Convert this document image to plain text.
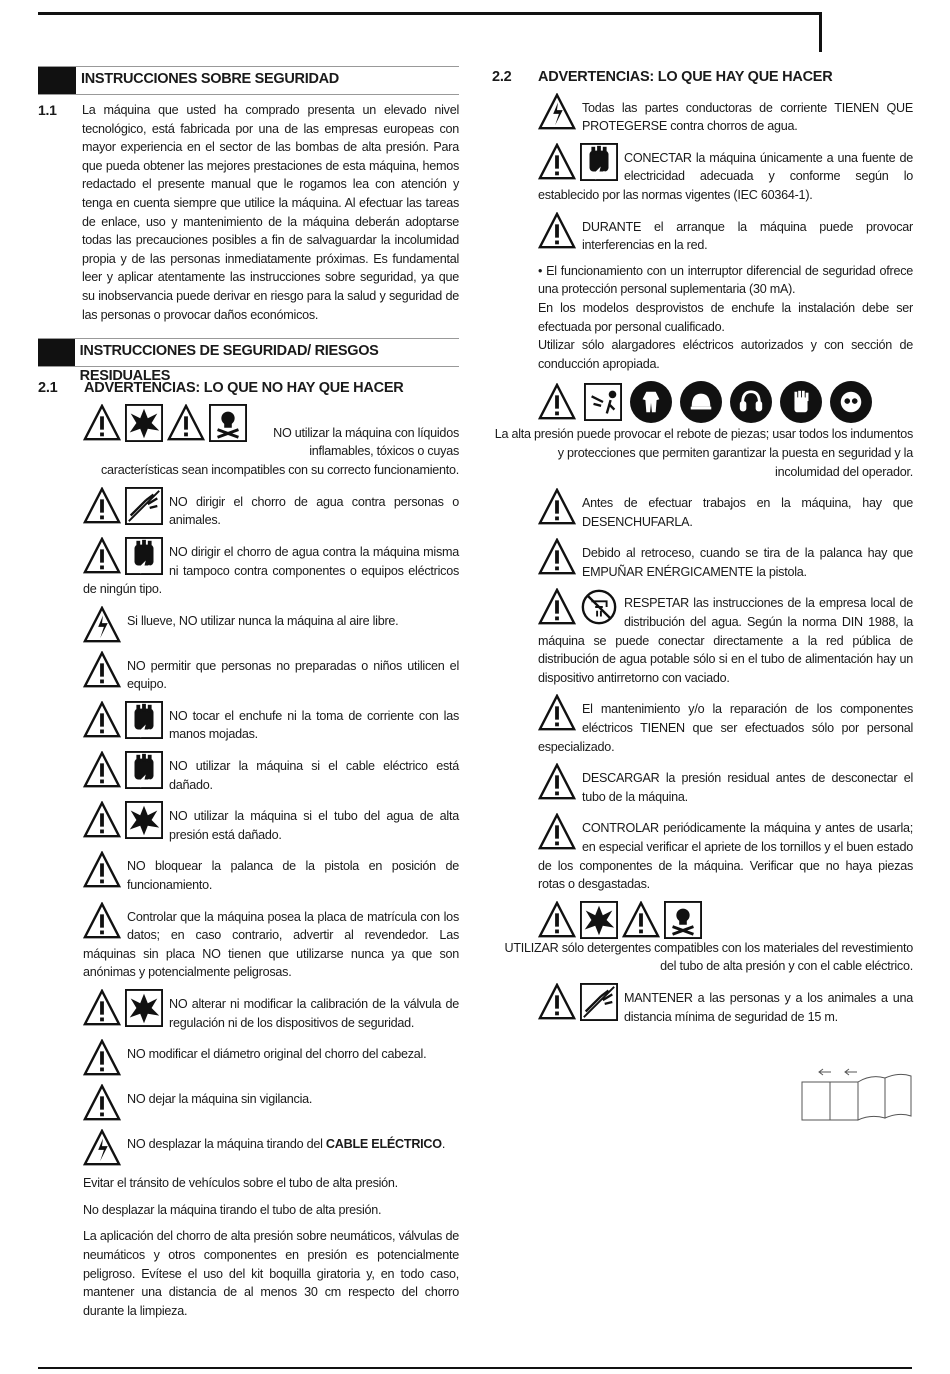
INSTRUCCIONES SOBRE SEGURIDAD
1.1	La máquina que usted ha comprado presenta un elevado nivel tecnológico, está fabricada por una de las empresas europeas con mayor experiencia en el sector de las bombas de alta presión. Para que pueda obtener las mejores prestaciones de esta máquina, hemos redactado el presente manual que le rogamos lea con atención y tenga en cuenta siempre que utilice la máquina. Al efectuar las tareas de enlace, uso y mantenimiento de la máquina deberán adoptarse todas las precauciones posibles a fin de salvaguardar la incolumidad propia y de las personas inmediatamente próximas. Es fundamental leer y aplicar atentamente las instrucciones sobre seguridad, ya que su inobservancia puede derivar en riesgo para la salud y seguridad de las personas o provocar daños económicos.
INSTRUCCIONES DE SEGURIDAD/ RIESGOS RESIDUALES
2.1	ADVERTENCIAS: LO QUE NO HAY QUE HACER
NO utilizar la máquina con líquidos inflamables, tóxicos o cuyas características sean incompatibles con su correcto funcionamiento.
NO dirigir el chorro de agua contra personas o animales.
NO dirigir el chorro de agua contra la máquina misma ni tampoco contra componentes o equipos eléctricos de ningún tipo.
Si llueve, NO utilizar nunca la máquina al aire libre.
NO permitir que personas no preparadas o niños utilicen el equipo.
NO tocar el enchufe ni la toma de corriente con las manos mojadas.
NO utilizar la máquina si el cable eléctrico está dañado.
NO utilizar la máquina si el tubo del agua de alta presión está dañado.
NO bloquear la palanca de la pistola en posición de funcionamiento.
Controlar que la máquina posea la placa de matrícula con los datos; en caso contrario, advertir al revendedor. Las máquinas sin placa NO tienen que utilizarse nunca ya que son anónimas y potencialmente peligrosas.
NO alterar ni modificar la calibración de la válvula de regulación ni de los dispositivos de seguridad.
NO modificar el diámetro original del chorro del cabezal.
NO dejar la máquina sin vigilancia.
NO desplazar la máquina tirando del CABLE ELÉCTRICO.
Evitar el tránsito de vehículos sobre el tubo de alta presión.
No desplazar la máquina tirando el tubo de alta presión.
La aplicación del chorro de alta presión sobre neumáticos, válvulas de neumáticos y otros componentes en presión es potencialmente peligroso. Evítese el uso del kit boquilla giratoria y, en todo caso, mantener una distancia de al menos 30 cm respecto del chorro durante la limpieza.
2.2	ADVERTENCIAS: LO QUE HAY QUE HACER
Todas las partes conductoras de corriente TIENEN QUE PROTEGERSE contra chorros de agua.
CONECTAR la máquina únicamente a una fuente de electricidad adecuada y conforme según lo establecido por las normas vigentes (IEC 60364-1).
DURANTE el arranque la máquina puede provocar interferencias en la red.
• El funcionamiento con un interruptor diferencial de seguridad ofrece una protección personal suplementaria (30 mA).
En los modelos desprovistos de enchufe la instalación debe ser efectuada por personal cualificado.
Utilizar sólo alargadores eléctricos autorizados y con sección de conducción apropiada.
La alta presión puede provocar el rebote de piezas; usar todos los indumentos y protecciones que permiten garantizar la puesta en seguridad y la incolumidad del operador.
Antes de efectuar trabajos en la máquina, hay que DESENCHUFARLA.
Debido al retroceso, cuando se tira de la palanca hay que EMPUÑAR ENÉRGICAMENTE la pistola.
RESPETAR las instrucciones de la empresa local de distribución del agua. Según la norma DIN 1988, la máquina se puede conectar directamente a la red pública de distribución de agua potable sólo si en el tubo de alimentación hay un dispositivo antirretorno con vaciado.
El mantenimiento y/o la reparación de los componentes eléctricos TIENEN que ser efectuados sólo por personal especializado.
DESCARGAR la presión residual antes de desconectar el tubo de la máquina.
CONTROLAR periódicamente la máquina y antes de usarla; en especial verificar el apriete de los tornillos y el buen estado de los componentes de la máquina. Verificar que no haya piezas rotas o desgastadas.
UTILIZAR sólo detergentes compatibles con los materiales del revestimiento del tubo de alta presión y con el cable eléctrico.
MANTENER a las personas y a los animales a una distancia mínima de seguridad de 15 m.
